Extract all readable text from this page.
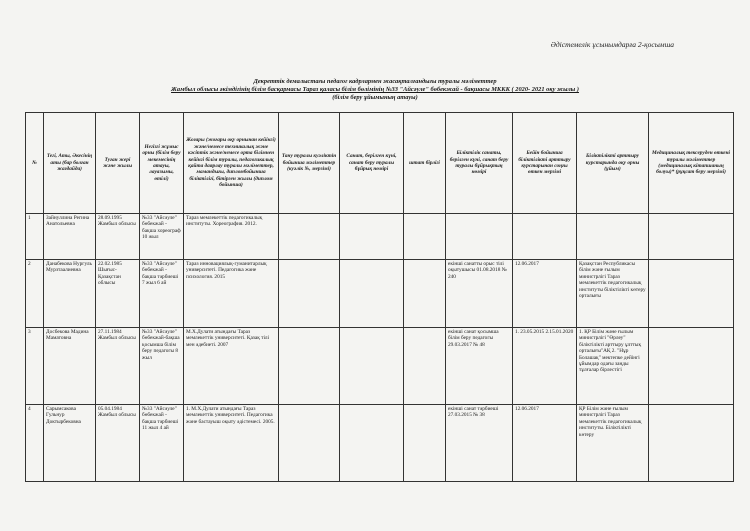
Әдістемелік ұсынымдарға 2-қосымша
Декреттік демалыстағы педагог кадрлармен жасақталғандығы туралы мәліметтер
Жамбыл облысы әкімдігінің білім басқармасы Тараз қаласы білім бөлімінің №33 "Айсәуле" бөбекжай - бақшасы МККК ( 2020- 2021 оқу жылы )
(білім беру ұйымының атауы)
№	Тегі, Аты, Әкесінің аты (бар болған жағдайда)	Туған жері және жылы	Негізгі жұмыс орны (білім беру мекемесінің атауы, лауазымы, өтілі)	Жоғары (жоғары оқу орнынан кейінгі) және/немесе техникалық және кәсіптік және/немесе орта білімнен кейінгі білім туралы, педагогикалық қайта даярлау туралы мәліметтер, мамандығы, дипломбойынша біліктілігі, бітірген жылы (диплом бойынша)	Тану туралы куәлiктiн бойынша мәлiметтер (куәлiк №, мерзiмi)	Санат, берілген күні, санат беру туралы бұйрық нөмірі	штат бірлігі	Біліктілік санаты, берілген күні, санат беру туралы бұйрықтың нөмірі	Бейін бойынша біліктілікті арттыру курстарынан соңғы өткен мерзімі	Біліктілікті арттыру курстарында оқу орны (ұйым)	Медициналық тексеруден өткені туралы мәліметтер (медициналық кітапшаның болуы)* (рұқсат беру мерзімі)
1	Зайнуллина Регина Анатольевна	28.09.1995 Жамбыл облысы	№33 "Айсәуле" бөбекжай - бақша хореограф 10 жыл	Тараз мемлекеттік педагогикалық институты. Хореография. 2012.							
2	Данабекова Нургуль Мурзтаалиевна	22.02.1985 Шығыс-Қазақстан облысы	№33 "Айсәуле" бөбекжай - бақша тәрбиеші 7 жыл 6 ай	Тараз инновациялық-гуманитарлық университеті. Педагогика және психология. 2015				екінші санатты орыс тілі оқытушысы 01.08.2018 № 240	12.06.2017	Қазақстан Республикасы білім және ғылым министрлігі Тараз мемлекеттік педагогикалық институты біліктілікті көтеру орталығы	
3	Досбекова Мадина Маматовна	27.11.1984 Жамбыл облысы	№33 "Айсәуле" бөбекжай-бақша қосымша білім беру педагогы 8 жыл	М.Х.Дулати атындағы Тараз мемлекеттік университеті. Қазақ тілі мен әдебиеті. 2007				екінші санат қосымша білім беру педагогы 29.03.2017 № 48	1. 23.05.2015 2.15.01.2020	1. ҚР Білім және ғылым министрлігі "Өрлеу" біліктілікті арттыру ұлттық орталығы"АҚ 2. "Нұр Болашақ" мектепке дейінгі ұйымдар одағы заңды тұлғалар бірлестігі	
4	Сарымсакова Гульнур Доктырбековна	05.04.1984 Жамбыл облысы	№33 "Айсәуле" бөбекжай - бақша тәрбиеші 11 жыл 4 ай	1. М.Х.Дулати атындағы Тараз мемлекеттік университеті. Педагогика және бастауыш оқыту әдістемесі. 2005.				екінші санат тәрбиеші 27.03.2015 № 38	12.06.2017	ҚР Білім және ғылым министрлігі Тараз мемлекеттік педагогикалық институты. Біліктілікті көтеру	
